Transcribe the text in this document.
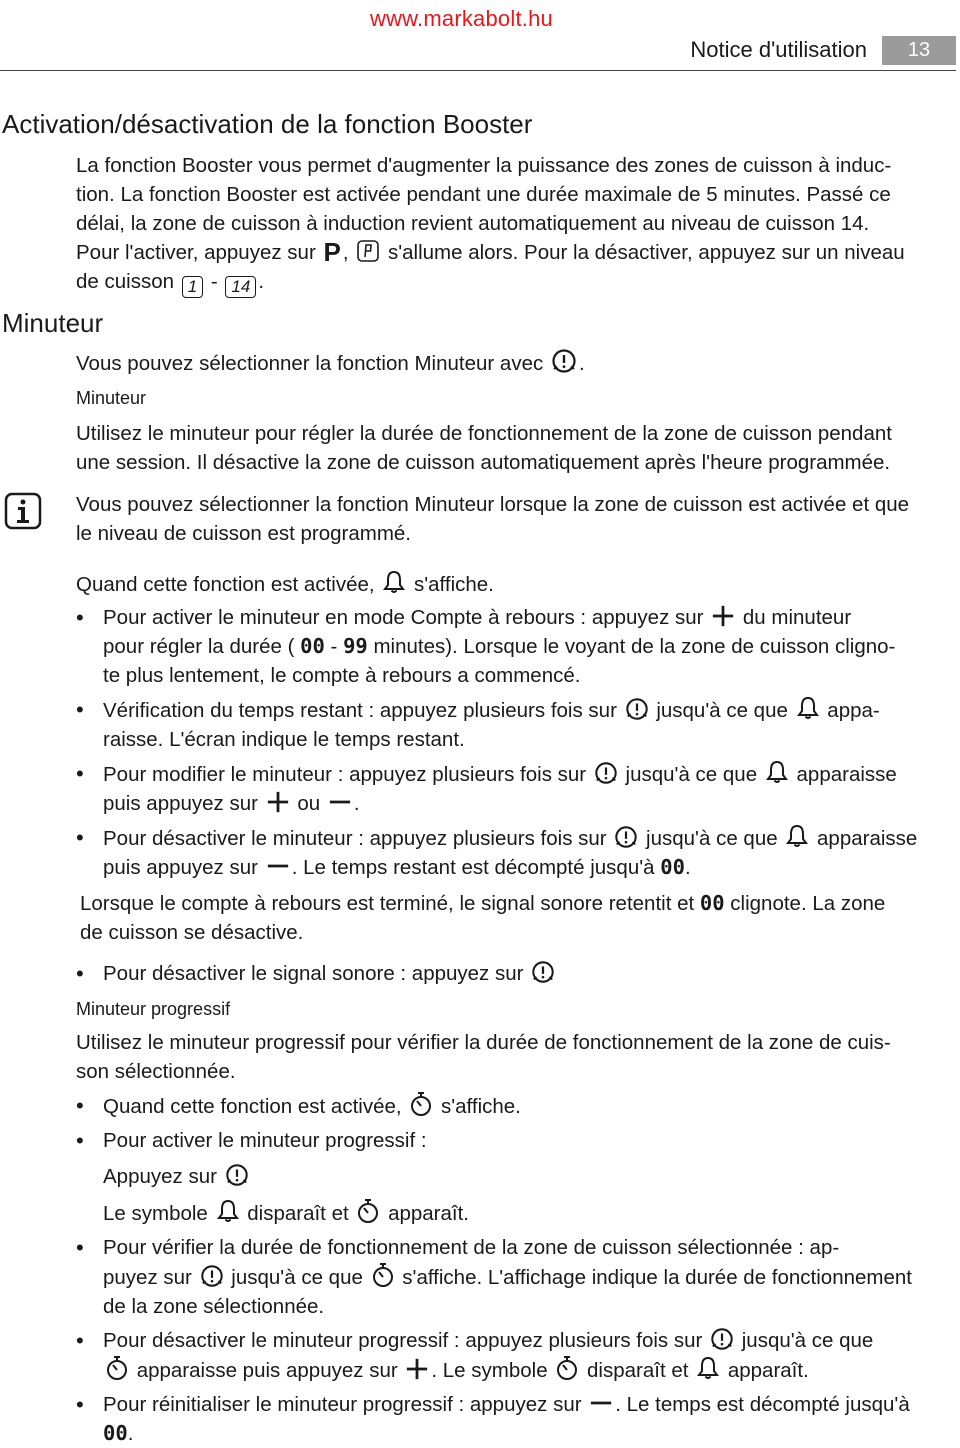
www.markabolt.hu
Notice d'utilisation	13
Activation/désactivation de la fonction Booster
La fonction Booster vous permet d'augmenter la puissance des zones de cuisson à induc-
tion. La fonction Booster est activée pendant une durée maximale de 5 minutes. Passé ce
délai, la zone de cuisson à induction revient automatiquement au niveau de cuisson 14.
Pour l'activer, appuyez sur P, s'allume alors. Pour la désactiver, appuyez sur un niveau
de cuisson 1 - 14 .
Minuteur
Vous pouvez sélectionner la fonction Minuteur avec .
Minuteur
Utilisez le minuteur pour régler la durée de fonctionnement de la zone de cuisson pendant
une session. Il désactive la zone de cuisson automatiquement après l'heure programmée.
Vous pouvez sélectionner la fonction Minuteur lorsque la zone de cuisson est activée et que
le niveau de cuisson est programmé.
Quand cette fonction est activée, s'affiche.
• Pour activer le minuteur en mode Compte à rebours : appuyez sur du minuteur
pour régler la durée ( 00 - 99 minutes). Lorsque le voyant de la zone de cuisson cligno-
te plus lentement, le compte à rebours a commencé.
• Vérification du temps restant : appuyez plusieurs fois sur jusqu'à ce que appa-
raisse. L'écran indique le temps restant.
• Pour modifier le minuteur : appuyez plusieurs fois sur jusqu'à ce que apparaisse
puis appuyez sur ou .
• Pour désactiver le minuteur : appuyez plusieurs fois sur jusqu'à ce que apparaisse
puis appuyez sur . Le temps restant est décompté jusqu'à 00.
Lorsque le compte à rebours est terminé, le signal sonore retentit et 00 clignote. La zone
de cuisson se désactive.
• Pour désactiver le signal sonore : appuyez sur
Minuteur progressif
Utilisez le minuteur progressif pour vérifier la durée de fonctionnement de la zone de cuis-
son sélectionnée.
• Quand cette fonction est activée, s'affiche.
• Pour activer le minuteur progressif :
Appuyez sur
Le symbole disparaît et apparaît.
• Pour vérifier la durée de fonctionnement de la zone de cuisson sélectionnée : ap-
puyez sur jusqu'à ce que s'affiche. L'affichage indique la durée de fonctionnement
de la zone sélectionnée.
• Pour désactiver le minuteur progressif : appuyez plusieurs fois sur jusqu'à ce que
apparaisse puis appuyez sur . Le symbole disparaît et apparaît.
• Pour réinitialiser le minuteur progressif : appuyez sur . Le temps est décompté jusqu'à
00.
